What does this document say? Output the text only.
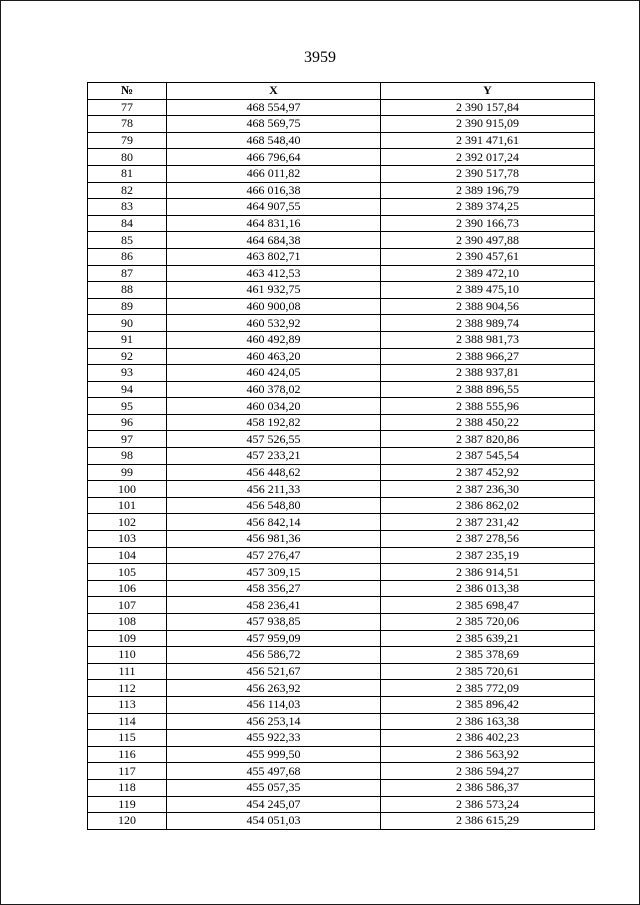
3959
№	X	Y
77	468 554,97	2 390 157,84
78	468 569,75	2 390 915,09
79	468 548,40	2 391 471,61
80	466 796,64	2 392 017,24
81	466 011,82	2 390 517,78
82	466 016,38	2 389 196,79
83	464 907,55	2 389 374,25
84	464 831,16	2 390 166,73
85	464 684,38	2 390 497,88
86	463 802,71	2 390 457,61
87	463 412,53	2 389 472,10
88	461 932,75	2 389 475,10
89	460 900,08	2 388 904,56
90	460 532,92	2 388 989,74
91	460 492,89	2 388 981,73
92	460 463,20	2 388 966,27
93	460 424,05	2 388 937,81
94	460 378,02	2 388 896,55
95	460 034,20	2 388 555,96
96	458 192,82	2 388 450,22
97	457 526,55	2 387 820,86
98	457 233,21	2 387 545,54
99	456 448,62	2 387 452,92
100	456 211,33	2 387 236,30
101	456 548,80	2 386 862,02
102	456 842,14	2 387 231,42
103	456 981,36	2 387 278,56
104	457 276,47	2 387 235,19
105	457 309,15	2 386 914,51
106	458 356,27	2 386 013,38
107	458 236,41	2 385 698,47
108	457 938,85	2 385 720,06
109	457 959,09	2 385 639,21
110	456 586,72	2 385 378,69
111	456 521,67	2 385 720,61
112	456 263,92	2 385 772,09
113	456 114,03	2 385 896,42
114	456 253,14	2 386 163,38
115	455 922,33	2 386 402,23
116	455 999,50	2 386 563,92
117	455 497,68	2 386 594,27
118	455 057,35	2 386 586,37
119	454 245,07	2 386 573,24
120	454 051,03	2 386 615,29
